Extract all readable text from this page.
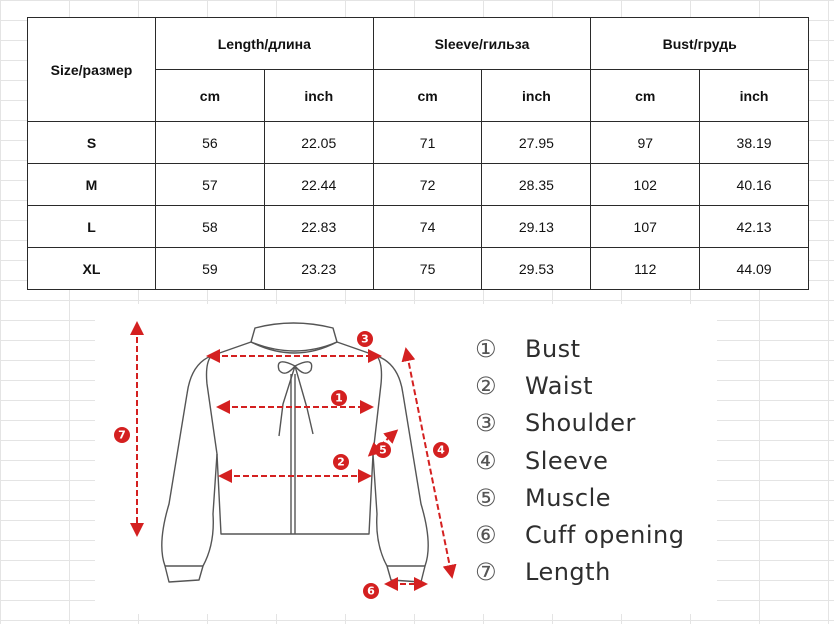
Size/размер	Length/длина		Sleeve/гильза		Bust/грудь	
	cm	inch	cm	inch	cm	inch
S	56	22.05	71	27.95	97	38.19
M	57	22.44	72	28.35	102	40.16
L	58	22.83	74	29.13	107	42.13
XL	59	23.23	75	29.53	112	44.09
1
2
3
4
5
6
7
①	Bust
②	Waist
③	Shoulder
④	Sleeve
⑤	Muscle
⑥	Cuff opening
⑦	Length
